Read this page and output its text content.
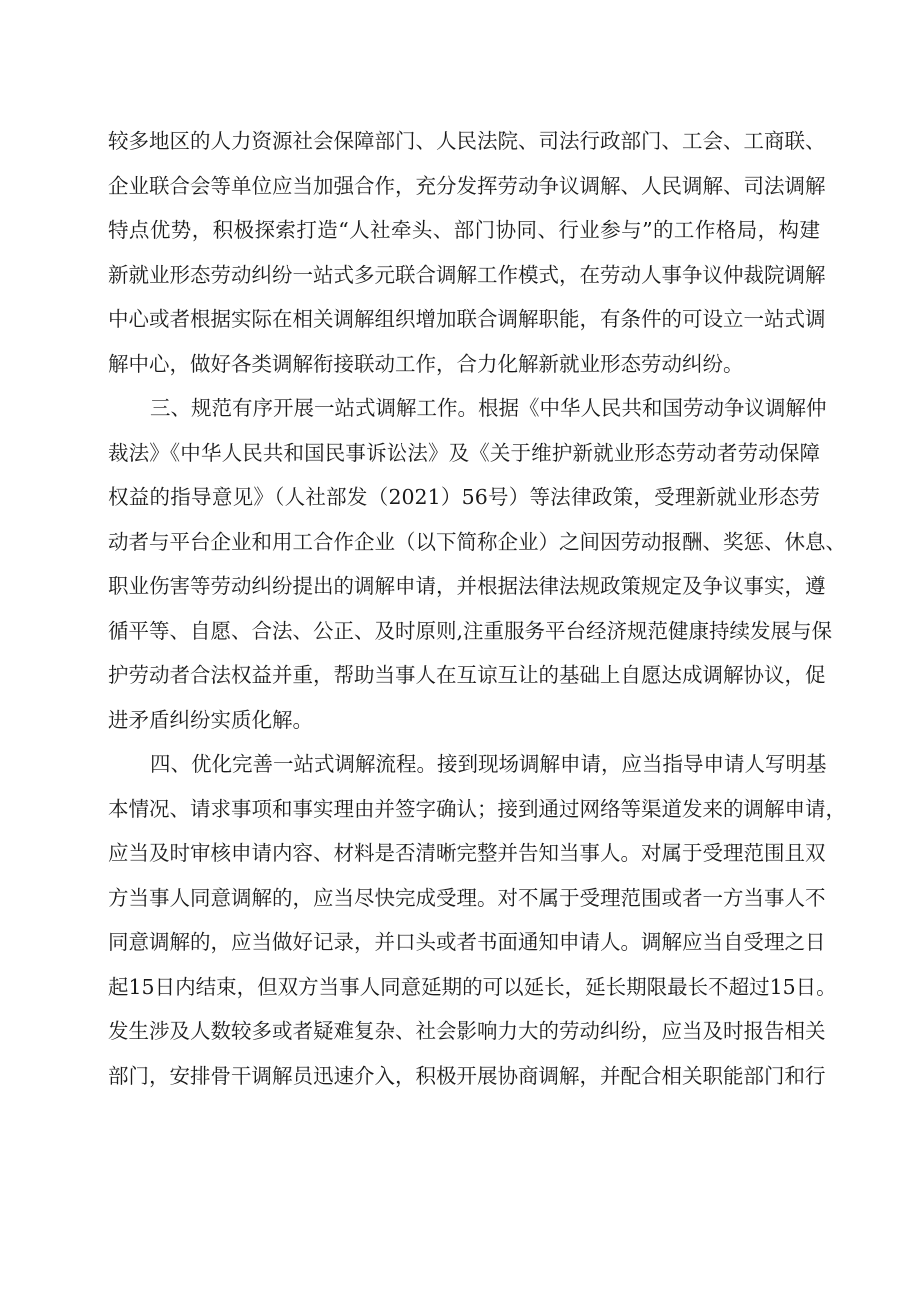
较多地区的人力资源社会保障部门、人民法院、司法行政部门、工会、工商联、
企业联合会等单位应当加强合作，充分发挥劳动争议调解、人民调解、司法调解
特点优势，积极探索打造“人社牵头、部门协同、行业参与”的工作格局，构建
新就业形态劳动纠纷一站式多元联合调解工作模式，在劳动人事争议仲裁院调解
中心或者根据实际在相关调解组织增加联合调解职能，有条件的可设立一站式调
解中心，做好各类调解衔接联动工作，合力化解新就业形态劳动纠纷。
三、规范有序开展一站式调解工作。根据《中华人民共和国劳动争议调解仲
裁法》《中华人民共和国民事诉讼法》及《关于维护新就业形态劳动者劳动保障
权益的指导意见》（人社部发（2021）56号）等法律政策，受理新就业形态劳
动者与平台企业和用工合作企业（以下简称企业）之间因劳动报酬、奖惩、休息、
职业伤害等劳动纠纷提出的调解申请，并根据法律法规政策规定及争议事实，遵
循平等、自愿、合法、公正、及时原则,注重服务平台经济规范健康持续发展与保
护劳动者合法权益并重，帮助当事人在互谅互让的基础上自愿达成调解协议，促
进矛盾纠纷实质化解。
四、优化完善一站式调解流程。接到现场调解申请，应当指导申请人写明基
本情况、请求事项和事实理由并签字确认；接到通过网络等渠道发来的调解申请，
应当及时审核申请内容、材料是否清晰完整并告知当事人。对属于受理范围且双
方当事人同意调解的，应当尽快完成受理。对不属于受理范围或者一方当事人不
同意调解的，应当做好记录，并口头或者书面通知申请人。调解应当自受理之日
起15日内结束，但双方当事人同意延期的可以延长，延长期限最长不超过15日。
发生涉及人数较多或者疑难复杂、社会影响力大的劳动纠纷，应当及时报告相关
部门，安排骨干调解员迅速介入，积极开展协商调解，并配合相关职能部门和行
